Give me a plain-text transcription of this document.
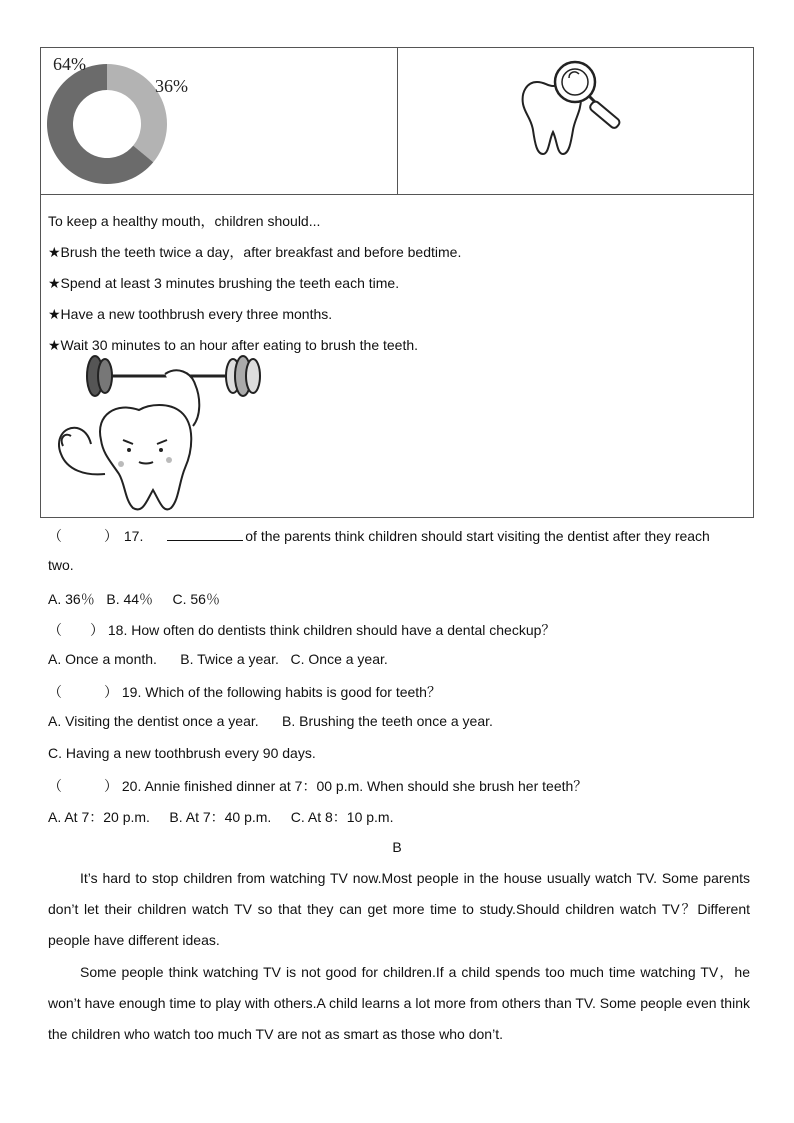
64%
36%
To keep a healthy mouth，children should...
★Brush the teeth twice a day，after breakfast and before bedtime.
★Spend at least 3 minutes brushing the teeth each time.
★Have a new toothbrush every three months.
★Wait 30 minutes to an hour after eating to brush the teeth.
（　　　） 17.	of the parents think children should start visiting the dentist after they reach
two.
A. 36％   B. 44％     C. 56％
（　　） 18. How often do dentists think children should have a dental checkup？
A. Once a month.      B. Twice a year.   C. Once a year.
（　　　） 19. Which of the following habits is good for teeth？
A. Visiting the dentist once a year.      B. Brushing the teeth once a year.
C. Having a new toothbrush every 90 days.
（　　　） 20. Annie finished dinner at 7：00 p.m. When should she brush her teeth？
A. At 7：20 p.m.     B. At 7：40 p.m.     C. At 8：10 p.m.
B
It’s hard to stop children from watching TV now.Most people in the house usually watch TV. Some parents don’t let their children watch TV so that they can get more time to study.Should children watch TV？Different people have different ideas.
Some people think watching TV is not good for children.If a child spends too much time watching TV，he won’t have enough time to play with others.A child learns a lot more from others than TV. Some people even think the children who watch too much TV are not as smart as those who don’t.
